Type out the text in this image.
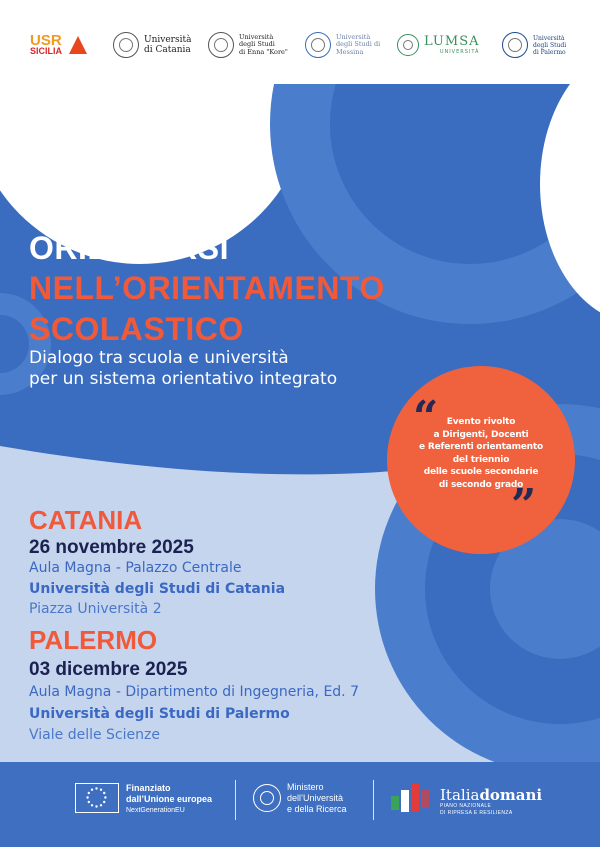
USR
SICILIA
Università
di Catania
Università
degli Studi
di Enna "Kore"
Università
degli Studi di
Messina
LUMSA
UNIVERSITÀ
Università
degli Studi
di Palermo
ORIENTARSI
NELL’ORIENTAMENTO
SCOLASTICO
Dialogo tra scuola e università
per un sistema orientativo integrato
“ Evento rivolto
a Dirigenti, Docenti
e Referenti orientamento
del triennio
delle scuole secondarie
di secondo grado
”
CATANIA
26 novembre 2025
Aula Magna - Palazzo Centrale
Università degli Studi di Catania
Piazza Università 2
PALERMO
03 dicembre 2025
Aula Magna - Dipartimento di Ingegneria, Ed. 7
Università degli Studi di Palermo
Viale delle Scienze
Finanziato
dall’Unione europea
NextGenerationEU
Ministero
dell’Università
e della Ricerca
Italiadomani
PIANO NAZIONALE
DI RIPRESA E RESILIENZA
